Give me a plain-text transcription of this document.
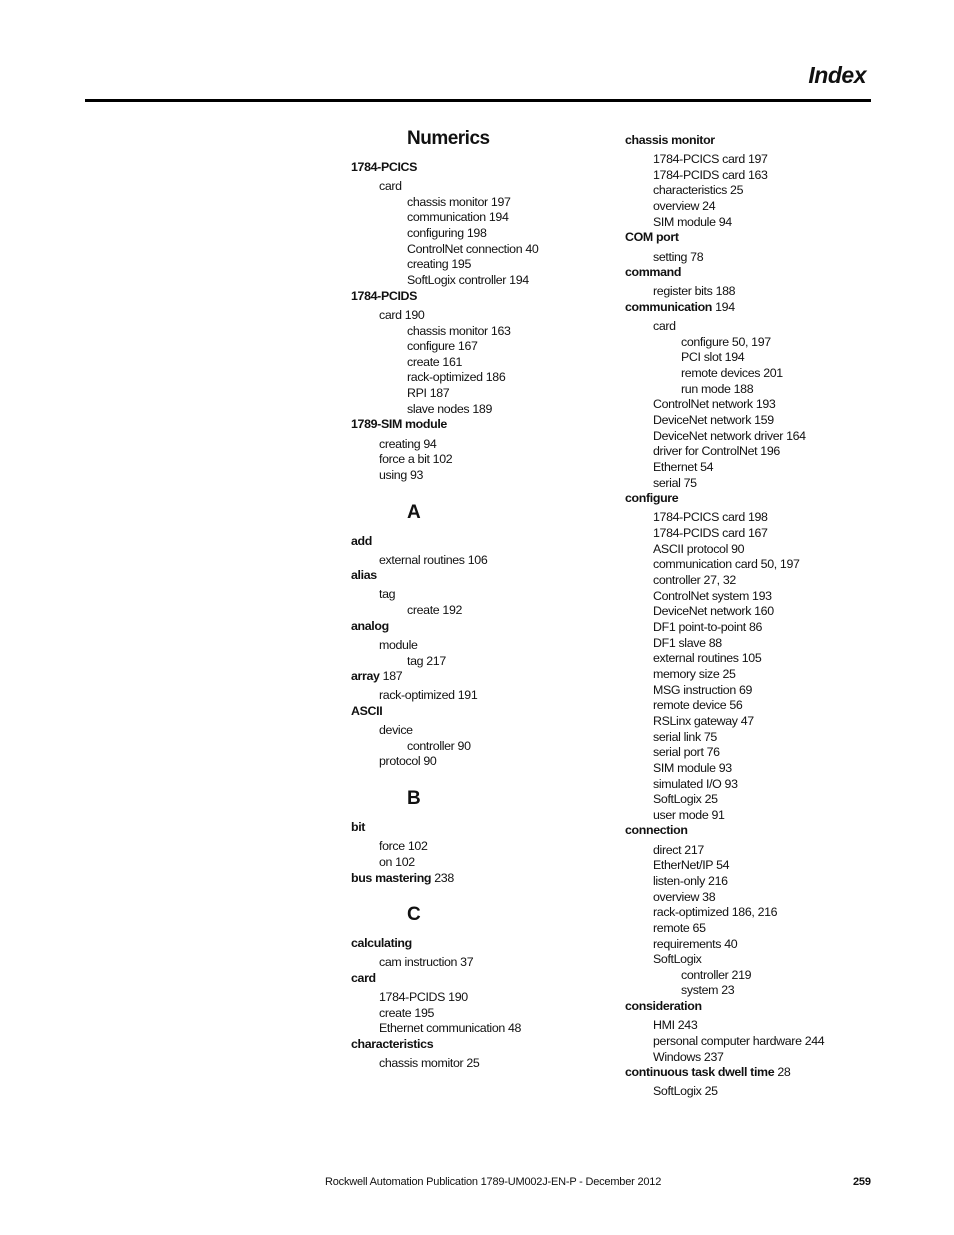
Index
Numerics
1784-PCICS
card
chassis monitor 197
communication 194
configuring 198
ControlNet connection 40
creating 195
SoftLogix controller 194
1784-PCIDS
card 190
chassis monitor 163
configure 167
create 161
rack-optimized 186
RPI 187
slave nodes 189
1789-SIM module
creating 94
force a bit 102
using 93
A
add
external routines 106
alias
tag
create 192
analog
module
tag 217
array 187
rack-optimized 191
ASCII
device
controller 90
protocol 90
B
bit
force 102
on 102
bus mastering 238
C
calculating
cam instruction 37
card
1784-PCIDS 190
create 195
Ethernet communication 48
characteristics
chassis momitor 25
chassis monitor
1784-PCICS card 197
1784-PCIDS card 163
characteristics 25
overview 24
SIM module 94
COM port
setting 78
command
register bits 188
communication 194
card
configure 50, 197
PCI slot 194
remote devices 201
run mode 188
ControlNet network 193
DeviceNet network 159
DeviceNet network driver 164
driver for ControlNet 196
Ethernet 54
serial 75
configure
1784-PCICS card 198
1784-PCIDS card 167
ASCII protocol 90
communication card 50, 197
controller 27, 32
ControlNet system 193
DeviceNet network 160
DF1 point-to-point 86
DF1 slave 88
external routines 105
memory size 25
MSG instruction 69
remote device 56
RSLinx gateway 47
serial link 75
serial port 76
SIM module 93
simulated I/O 93
SoftLogix 25
user mode 91
connection
direct 217
EtherNet/IP 54
listen-only 216
overview 38
rack-optimized 186, 216
remote 65
requirements 40
SoftLogix
controller 219
system 23
consideration
HMI 243
personal computer hardware 244
Windows 237
continuous task dwell time 28
SoftLogix 25
Rockwell Automation Publication 1789-UM002J-EN-P - December 2012	259
